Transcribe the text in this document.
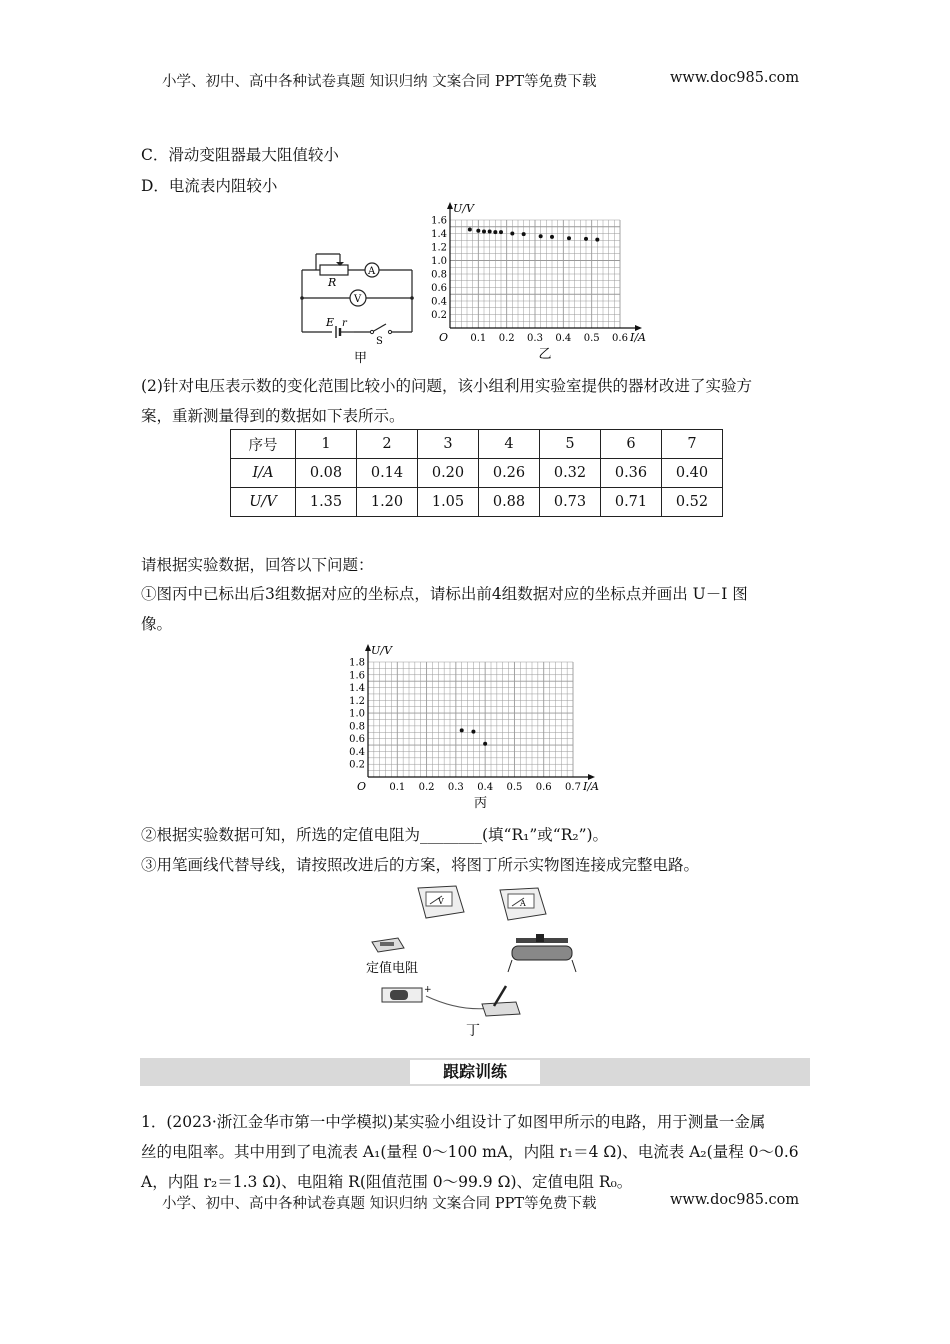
小学、初中、高中各种试卷真题 知识归纳 文案合同 PPT等免费下载	www.doc985.com
小学、初中、高中各种试卷真题 知识归纳 文案合同 PPT等免费下载	www.doc985.com
C．滑动变阻器最大阻值较小
D．电流表内阻较小
R
A
V
E r
S
甲
0.2
0.4
0.6
0.8
1.0
1.2
1.4
1.6
0.1 0.2 0.3 0.4 0.5 0.6
O
U/V
I/A
乙
(2)针对电压表示数的变化范围比较小的问题，该小组利用实验室提供的器材改进了实验方
案，重新测量得到的数据如下表所示。
序号	1	2	3	4	5	6	7
I/A	0.08	0.14	0.20	0.26	0.32	0.36	0.40
U/V	1.35	1.20	1.05	0.88	0.73	0.71	0.52
请根据实验数据，回答以下问题：
①图丙中已标出后3组数据对应的坐标点，请标出前4组数据对应的坐标点并画出 U－I 图
像。
0.2
0.4
0.6
0.8
1.0
1.2
1.4
1.6
1.8
0.1 0.2 0.3 0.4 0.5 0.6 0.7
O
U/V
I/A
丙
②根据实验数据可知，所选的定值电阻为________(填“R₁”或“R₂”)。
③用笔画线代替导线，请按照改进后的方案，将图丁所示实物图连接成完整电路。
V	A
定值电阻
+
丁
跟踪训练
1．(2023·浙江金华市第一中学模拟)某实验小组设计了如图甲所示的电路，用于测量一金属
丝的电阻率。其中用到了电流表 A₁(量程 0～100 mA，内阻 r₁＝4 Ω)、电流表 A₂(量程 0～0.6
A，内阻 r₂＝1.3 Ω)、电阻箱 R(阻值范围 0～99.9 Ω)、定值电阻 R₀。
